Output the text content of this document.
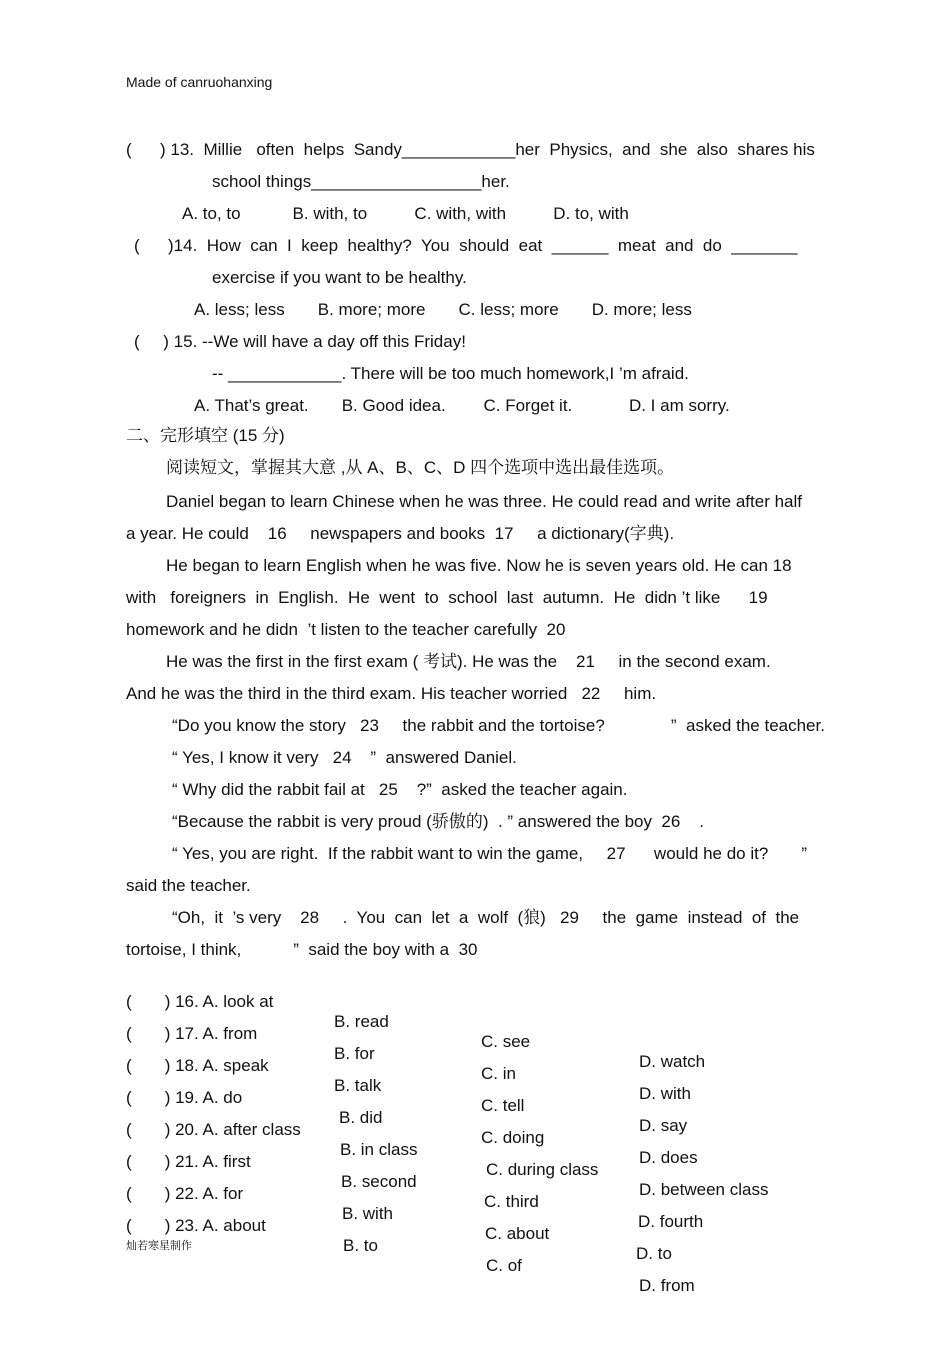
Made of canruohanxing
(      ) 13.  Millie   often  helps  Sandy____________her  Physics,  and  she  also  shares his
school things__________________her.
A. to, to           B. with, to          C. with, with          D. to, with
(      )14.  How  can  I  keep  healthy?  You  should  eat  ______  meat  and  do  _______
exercise if you want to be healthy.
A. less; less       B. more; more       C. less; more       D. more; less
(     ) 15. --We will have a day off this Friday!
-- ____________. There will be too much homework,I ’m afraid.
A. That’s great.       B. Good idea.        C. Forget it.            D. I am sorry.
二、完形填空 (15 分)
阅读短文，掌握其大意 ,从 A、B、C、D 四个选项中选出最佳选项。
Daniel began to learn Chinese when he was three. He could read and write after half
a year. He could    16     newspapers and books  17     a dictionary(字典).
He began to learn English when he was five. Now he is seven years old. He can 18
with   foreigners  in  English.  He  went  to  school  last  autumn.  He  didn ’t like      19
homework and he didn  ’t listen to the teacher carefully  20
He was the first in the first exam ( 考试). He was the    21     in the second exam.
And he was the third in the third exam. His teacher worried   22     him.
“Do you know the story   23     the rabbit and the tortoise?              ”  asked the teacher.
“ Yes, I know it very   24    ”  answered Daniel.
“ Why did the rabbit fail at   25    ?”  asked the teacher again.
“Because the rabbit is very proud (骄傲的)  . ” answered the boy  26    .
“ Yes, you are right.  If the rabbit want to win the game,     27      would he do it?       ”
said the teacher.
“Oh,  it  ’s very    28     .  You  can  let  a  wolf  (狼)   29     the  game  instead  of  the
tortoise, I think,           ”  said the boy with a  30

(       ) 16. A. look at

B. read

C. see

D. watch

(       ) 17. A. from

B. for

C. in

D. with

(       ) 18. A. speak

B. talk

C. tell

D. say

(       ) 19. A. do

B. did

C. doing

D. does

(       ) 20. A. after class

B. in class

C. during class

D. between class

(       ) 21. A. first

B. second

C. third

D. fourth

(       ) 22. A. for

B. with

C. about

D. to

(       ) 23. A. about

B. to

C. of

D. from

灿若寒星制作
